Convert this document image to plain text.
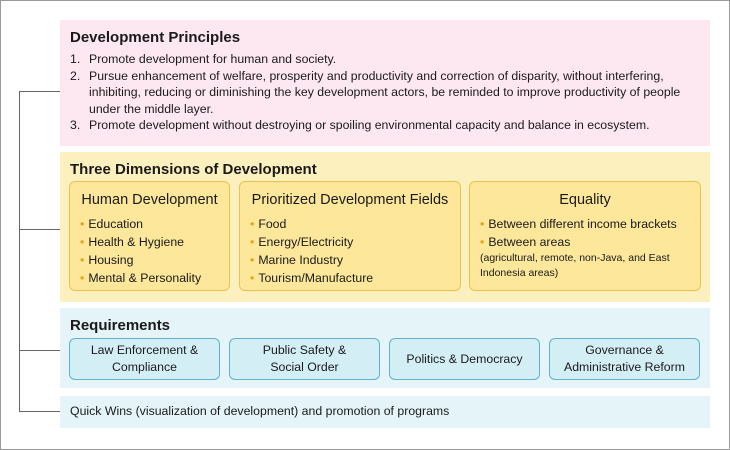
Development Principles
1. Promote development for human and society.
2. Pursue enhancement of welfare, prosperity and productivity and correction of disparity, without interfering, inhibiting, reducing or diminishing the key development actors, be reminded to improve productivity of people under the middle layer.
3. Promote development without destroying or spoiling environmental capacity and balance in ecosystem.
Three Dimensions of Development
Human Development
• Education
• Health & Hygiene
• Housing
• Mental & Personality
Prioritized Development Fields
• Food
• Energy/Electricity
• Marine Industry
• Tourism/Manufacture
Equality
• Between different income brackets
• Between areas
(agricultural, remote, non-Java, and East Indonesia areas)
Requirements
Law Enforcement &
Compliance
Public Safety &
Social Order
Politics & Democracy
Governance &
Administrative Reform
Quick Wins (visualization of development) and promotion of programs
